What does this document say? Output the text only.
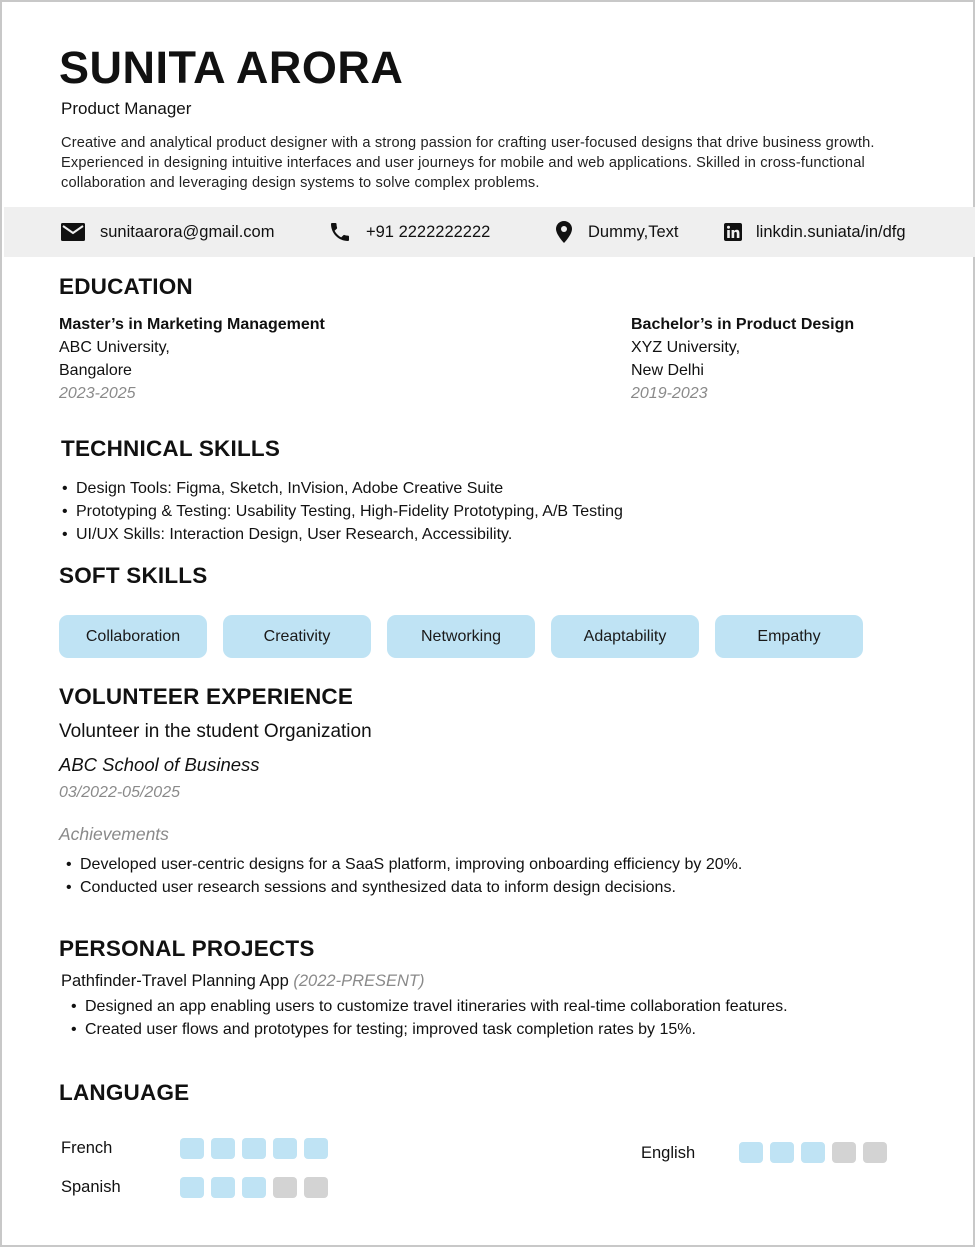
SUNITA ARORA
Product Manager
Creative and analytical product designer with a strong passion for crafting user-focused designs that drive business growth. Experienced in designing intuitive interfaces and user journeys for mobile and web applications. Skilled in cross-functional collaboration and leveraging design systems to solve complex problems.
sunitaarora@gmail.com	+91 2222222222	Dummy,Text	linkdin.suniata/in/dfg
EDUCATION
Master’s in Marketing Management
ABC University,
Bangalore
2023-2025
Bachelor’s in Product Design
XYZ University,
New Delhi
2019-2023
TECHNICAL SKILLS
• Design Tools: Figma, Sketch, InVision, Adobe Creative Suite
• Prototyping & Testing: Usability Testing, High-Fidelity Prototyping, A/B Testing
• UI/UX Skills: Interaction Design, User Research, Accessibility.
SOFT SKILLS
Collaboration	Creativity	Networking	Adaptability	Empathy
VOLUNTEER EXPERIENCE
Volunteer in the student Organization
ABC School of Business
03/2022-05/2025
Achievements
• Developed user-centric designs for a SaaS platform, improving onboarding efficiency by 20%.
• Conducted user research sessions and synthesized data to inform design decisions.
PERSONAL PROJECTS
Pathfinder-Travel Planning App (2022-PRESENT)
• Designed an app enabling users to customize travel itineraries with real-time collaboration features.
• Created user flows and prototypes for testing; improved task completion rates by 15%.
LANGUAGE
French
Spanish
English
